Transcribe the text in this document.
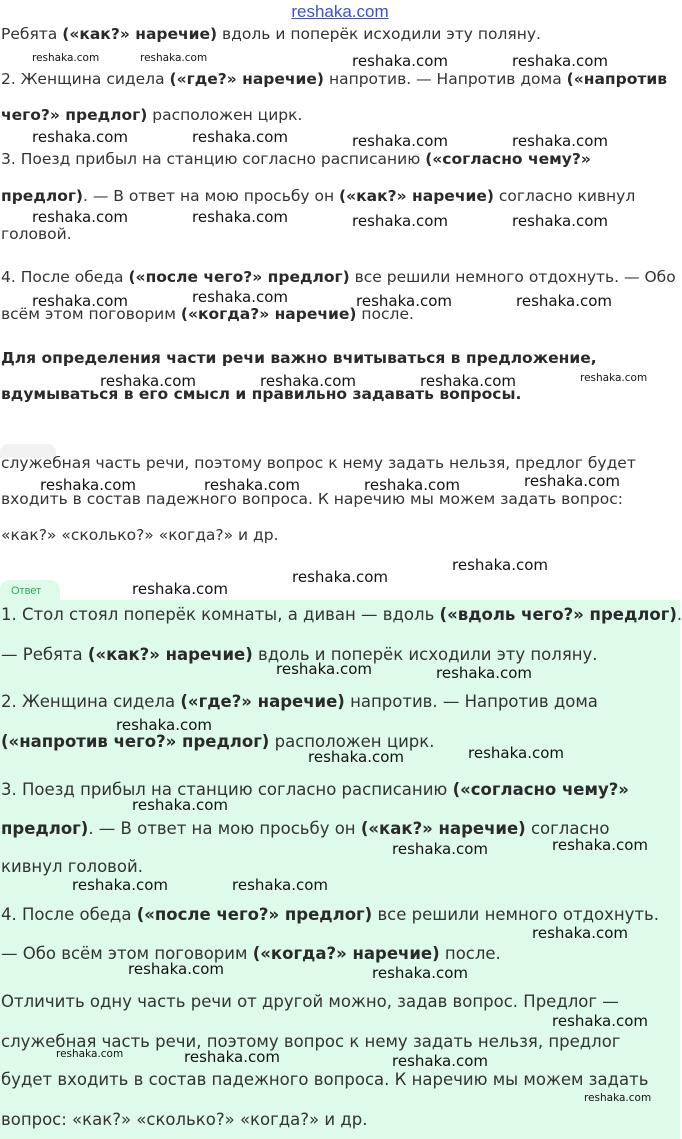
reshaka.com
Ответ
Ребята («как?» наречие) вдоль и поперёк исходили эту поляну.
2. Женщина сидела («где?» наречие) напротив. — Напротив дома («напротив
чего?» предлог) расположен цирк.
3. Поезд прибыл на станцию согласно расписанию («согласно чему?»
предлог). — В ответ на мою просьбу он («как?» наречие) согласно кивнул
головой.
4. После обеда («после чего?» предлог) все решили немного отдохнуть. — Обо
всём этом поговорим («когда?» наречие) после.
Для определения части речи важно вчитываться в предложение,
вдумываться в его смысл и правильно задавать вопросы.
служебная часть речи, поэтому вопрос к нему задать нельзя, предлог будет
входить в состав падежного вопроса. К наречию мы можем задать вопрос:
«как?» «сколько?» «когда?» и др.
1. Стол стоял поперёк комнаты, а диван — вдоль («вдоль чего?» предлог).
— Ребята («как?» наречие) вдоль и поперёк исходили эту поляну.
2. Женщина сидела («где?» наречие) напротив. — Напротив дома
(«напротив чего?» предлог) расположен цирк.
3. Поезд прибыл на станцию согласно расписанию («согласно чему?»
предлог). — В ответ на мою просьбу он («как?» наречие) согласно
кивнул головой.
4. После обеда («после чего?» предлог) все решили немного отдохнуть.
— Обо всём этом поговорим («когда?» наречие) после.
Отличить одну часть речи от другой можно, задав вопрос. Предлог —
служебная часть речи, поэтому вопрос к нему задать нельзя, предлог
будет входить в состав падежного вопроса. К наречию мы можем задать
вопрос: «как?» «сколько?» «когда?» и др.
reshaka.com	reshaka.com	reshaka.com	reshaka.com
reshaka.com	reshaka.com	reshaka.com	reshaka.com
reshaka.com	reshaka.com	reshaka.com	reshaka.com
reshaka.com	reshaka.com	reshaka.com	reshaka.com
reshaka.com	reshaka.com	reshaka.com	reshaka.com
reshaka.com	reshaka.com	reshaka.com	reshaka.com
reshaka.com
reshaka.com
reshaka.com
reshaka.com	reshaka.com
reshaka.com
reshaka.com	reshaka.com
reshaka.com
reshaka.com	reshaka.com
reshaka.com	reshaka.com
reshaka.com
reshaka.com	reshaka.com
reshaka.com
reshaka.com	reshaka.com	reshaka.com
reshaka.com
